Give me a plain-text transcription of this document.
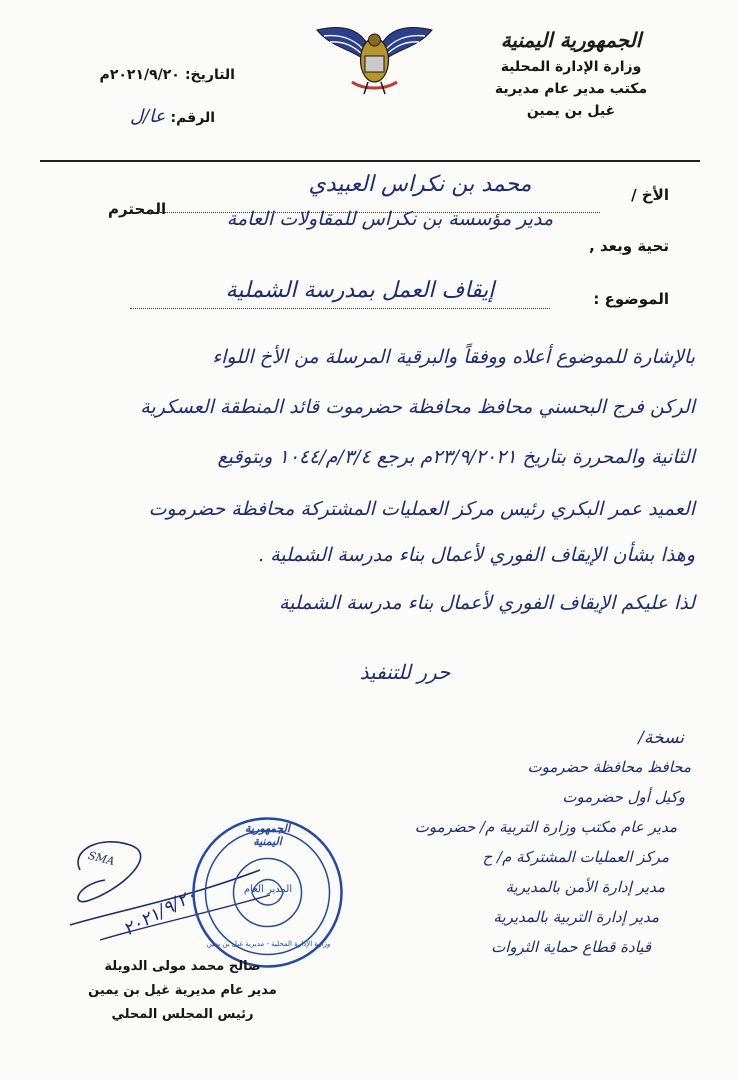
الجمهورية اليمنية
وزارة الإدارة المحلية
مكتب مدير عام مديرية
غيل بن يمين
التاريخ: ٢٠٢١/٩/٢٠م
الرقم: عا/ل
الأخ /
محمد بن نكراس العبيدي
المحترم	مدير مؤسسة بن نكراس للمقاولات العامة
تحية وبعد ,
الموضوع :
إيقاف العمل بمدرسة الشملية
بالإشارة للموضوع أعلاه ووفقاً والبرقية المرسلة من الأخ اللواء
الركن فرج البحسني محافظ محافظة حضرموت قائد المنطقة العسكرية
الثانية والمحررة بتاريخ ٢٣/٩/٢٠٢١م برجع ٣/٤/م/١٠٤٤ وبتوقيع
العميد عمر البكري رئيس مركز العمليات المشتركة محافظة حضرموت
وهذا بشأن الإيقاف الفوري لأعمال بناء مدرسة الشملية .
لذا عليكم الإيقاف الفوري لأعمال بناء مدرسة الشملية
حرر للتنفيذ
نسخة/
محافظ محافظة حضرموت
وكيل أول حضرموت
مدير عام مكتب وزارة التربية م/ حضرموت
مركز العمليات المشتركة م/ ح
مدير إدارة الأمن بالمديرية
مدير إدارة التربية بالمديرية
قيادة قطاع حماية الثروات
SMA
٢٠٢١/٩/٢٠
الجمهورية اليمنية
وزارة الإدارة المحلية - مديرية غيل بن يمين
المدير العام
صالح محمد مولى الدويلة
مدير عام مديرية غيل بن يمين
رئيس المجلس المحلي
